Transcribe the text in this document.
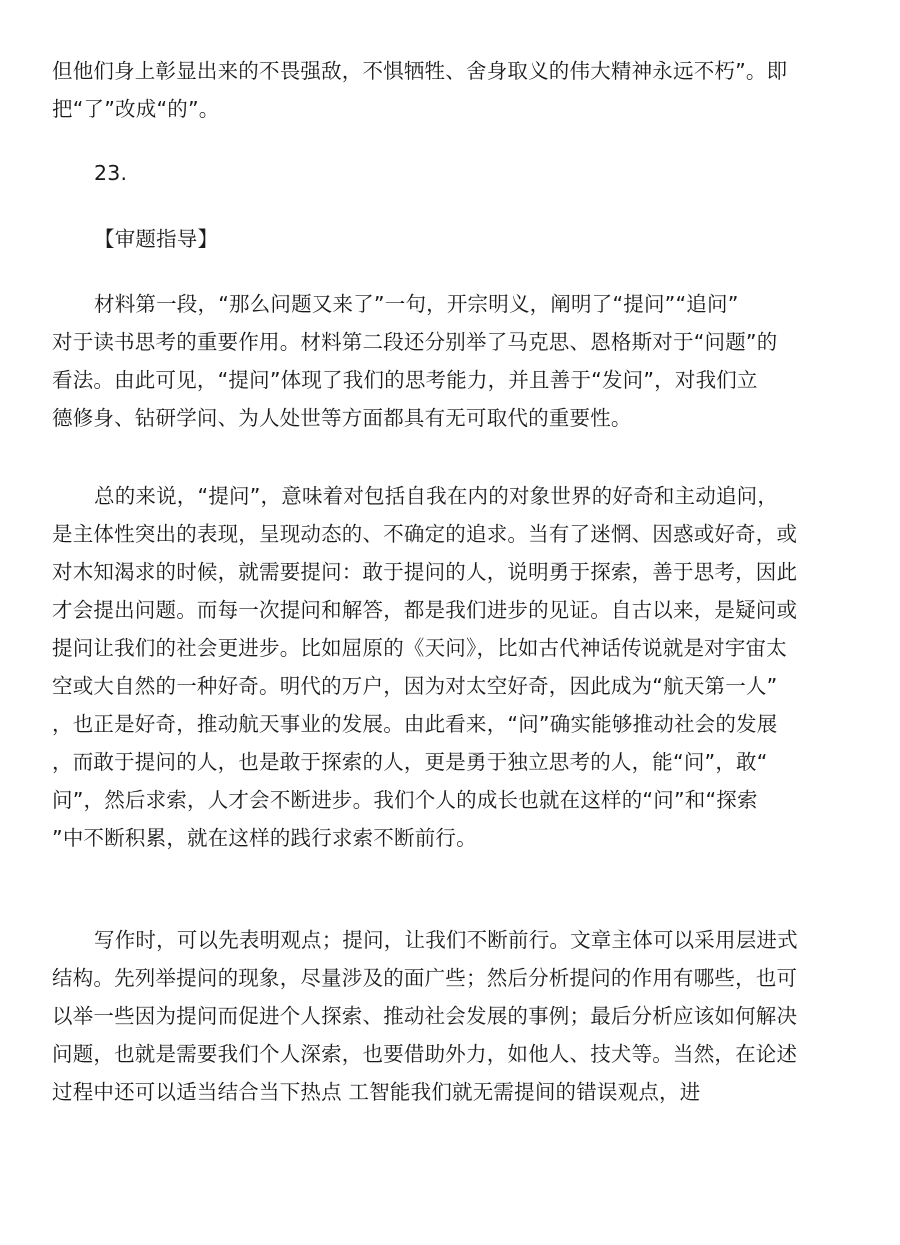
但他们身上彰显出来的不畏强敌，不惧牺牲、舍身取义的伟大精神永远不朽”。即
把“了”改成“的”。

23.

【审题指导】

材料第一段，“那么问题又来了”一句，开宗明义，阐明了“提问”“追问”
对于读书思考的重要作用。材料第二段还分别举了马克思、恩格斯对于“问题”的
看法。由此可见，“提问”体现了我们的思考能力，并且善于“发问”，对我们立
德修身、钻研学问、为人处世等方面都具有无可取代的重要性。

总的来说，“提问”，意味着对包括自我在内的对象世界的好奇和主动追问，
是主体性突出的表现，呈现动态的、不确定的追求。当有了迷惘、因惑或好奇，或
对木知渴求的时候，就需要提问：敢于提问的人，说明勇于探索，善于思考，因此
才会提出问题。而每一次提问和解答，都是我们进步的见证。自古以来，是疑问或
提问让我们的社会更进步。比如屈原的《天问》，比如古代神话传说就是对宇宙太
空或大自然的一种好奇。明代的万户，因为对太空好奇，因此成为“航天第一人”
，也正是好奇，推动航天事业的发展。由此看来，“问”确实能够推动社会的发展
，而敢于提问的人，也是敢于探索的人，更是勇于独立思考的人，能“问”，敢“
问”，然后求索，人才会不断进步。我们个人的成长也就在这样的“问”和“探索
”中不断积累，就在这样的践行求索不断前行。

写作时，可以先表明观点；提问，让我们不断前行。文章主体可以采用层进式
结构。先列举提问的现象，尽量涉及的面广些；然后分析提问的作用有哪些，也可
以举一些因为提问而促进个人探索、推动社会发展的事例；最后分析应该如何解决
问题，也就是需要我们个人深索，也要借助外力，如他人、技犬等。当然，在论述
过程中还可以适当结合当下热点 工智能我们就无需提间的错误观点，进
